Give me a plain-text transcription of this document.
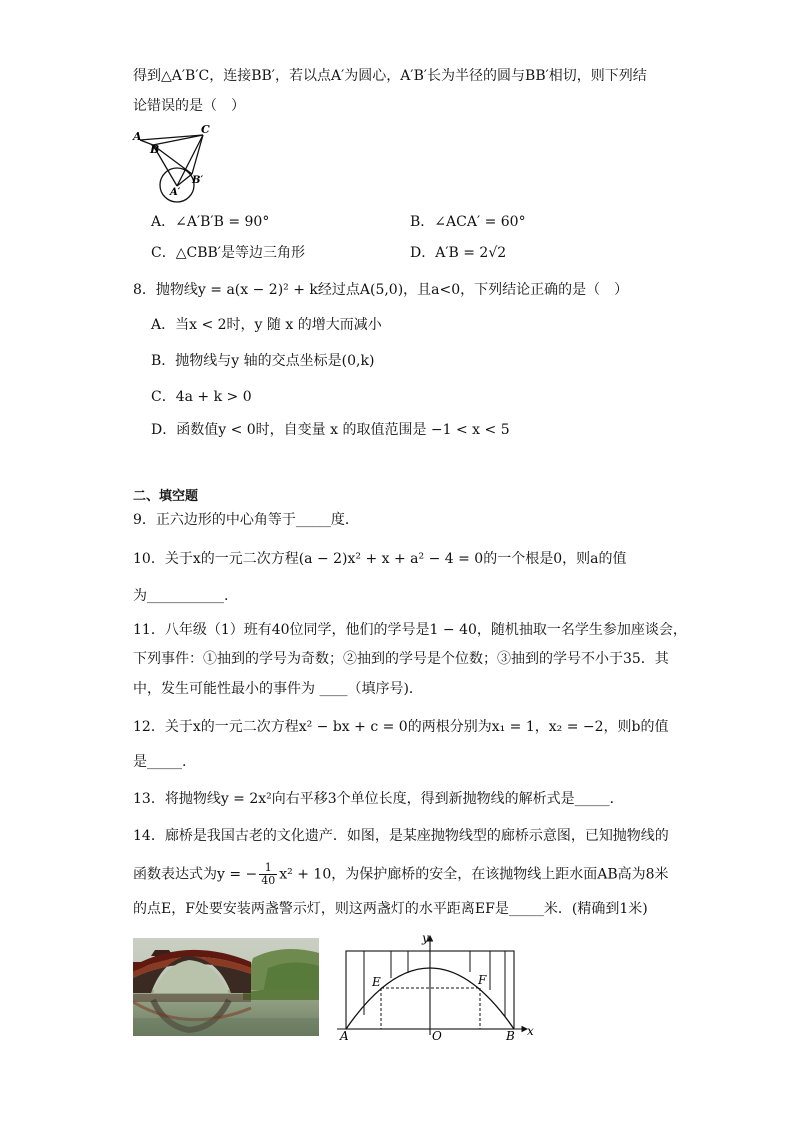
得到△A′B′C，连接BB′，若以点A′为圆心，A′B′长为半径的圆与BB′相切，则下列结
论错误的是（　）
A
B
C
A′
B′
A．∠A′B′B = 90°	B．∠ACA′ = 60°
C．△CBB′是等边三角形	D．A′B = 2√2
8．抛物线y = a(x − 2)² + k经过点A(5,0)，且a<0，下列结论正确的是（　）
A．当x < 2时，y 随 x 的增大而减小
B．抛物线与y 轴的交点坐标是(0,k)
C．4a + k > 0
D．函数值y < 0时，自变量 x 的取值范围是 −1 < x < 5
二、填空题
9．正六边形的中心角等于_____度．
10．关于x的一元二次方程(a − 2)x² + x + a² − 4 = 0的一个根是0，则a的值
为___________.
11．八年级（1）班有40位同学，他们的学号是1 − 40，随机抽取一名学生参加座谈会，
下列事件：①抽到的学号为奇数；②抽到的学号是个位数；③抽到的学号不小于35．其
中，发生可能性最小的事件为 ____（填序号)．
12．关于x的一元二次方程x² − bx + c = 0的两根分别为x₁ = 1，x₂ = −2，则b的值
是_____.
13．将抛物线y = 2x²向右平移3个单位长度，得到新抛物线的解析式是_____．
14．廊桥是我国古老的文化遗产．如图，是某座抛物线型的廊桥示意图，已知抛物线的
函数表达式为y = − $\frac{1}{40} x^2 + 10$，为保护廊桥的安全，在该抛物线上距水面AB高为8米
的点E，F处要安装两盏警示灯，则这两盏灯的水平距离EF是_____米．(精确到1米)
y
x
E	F
A	O	B
